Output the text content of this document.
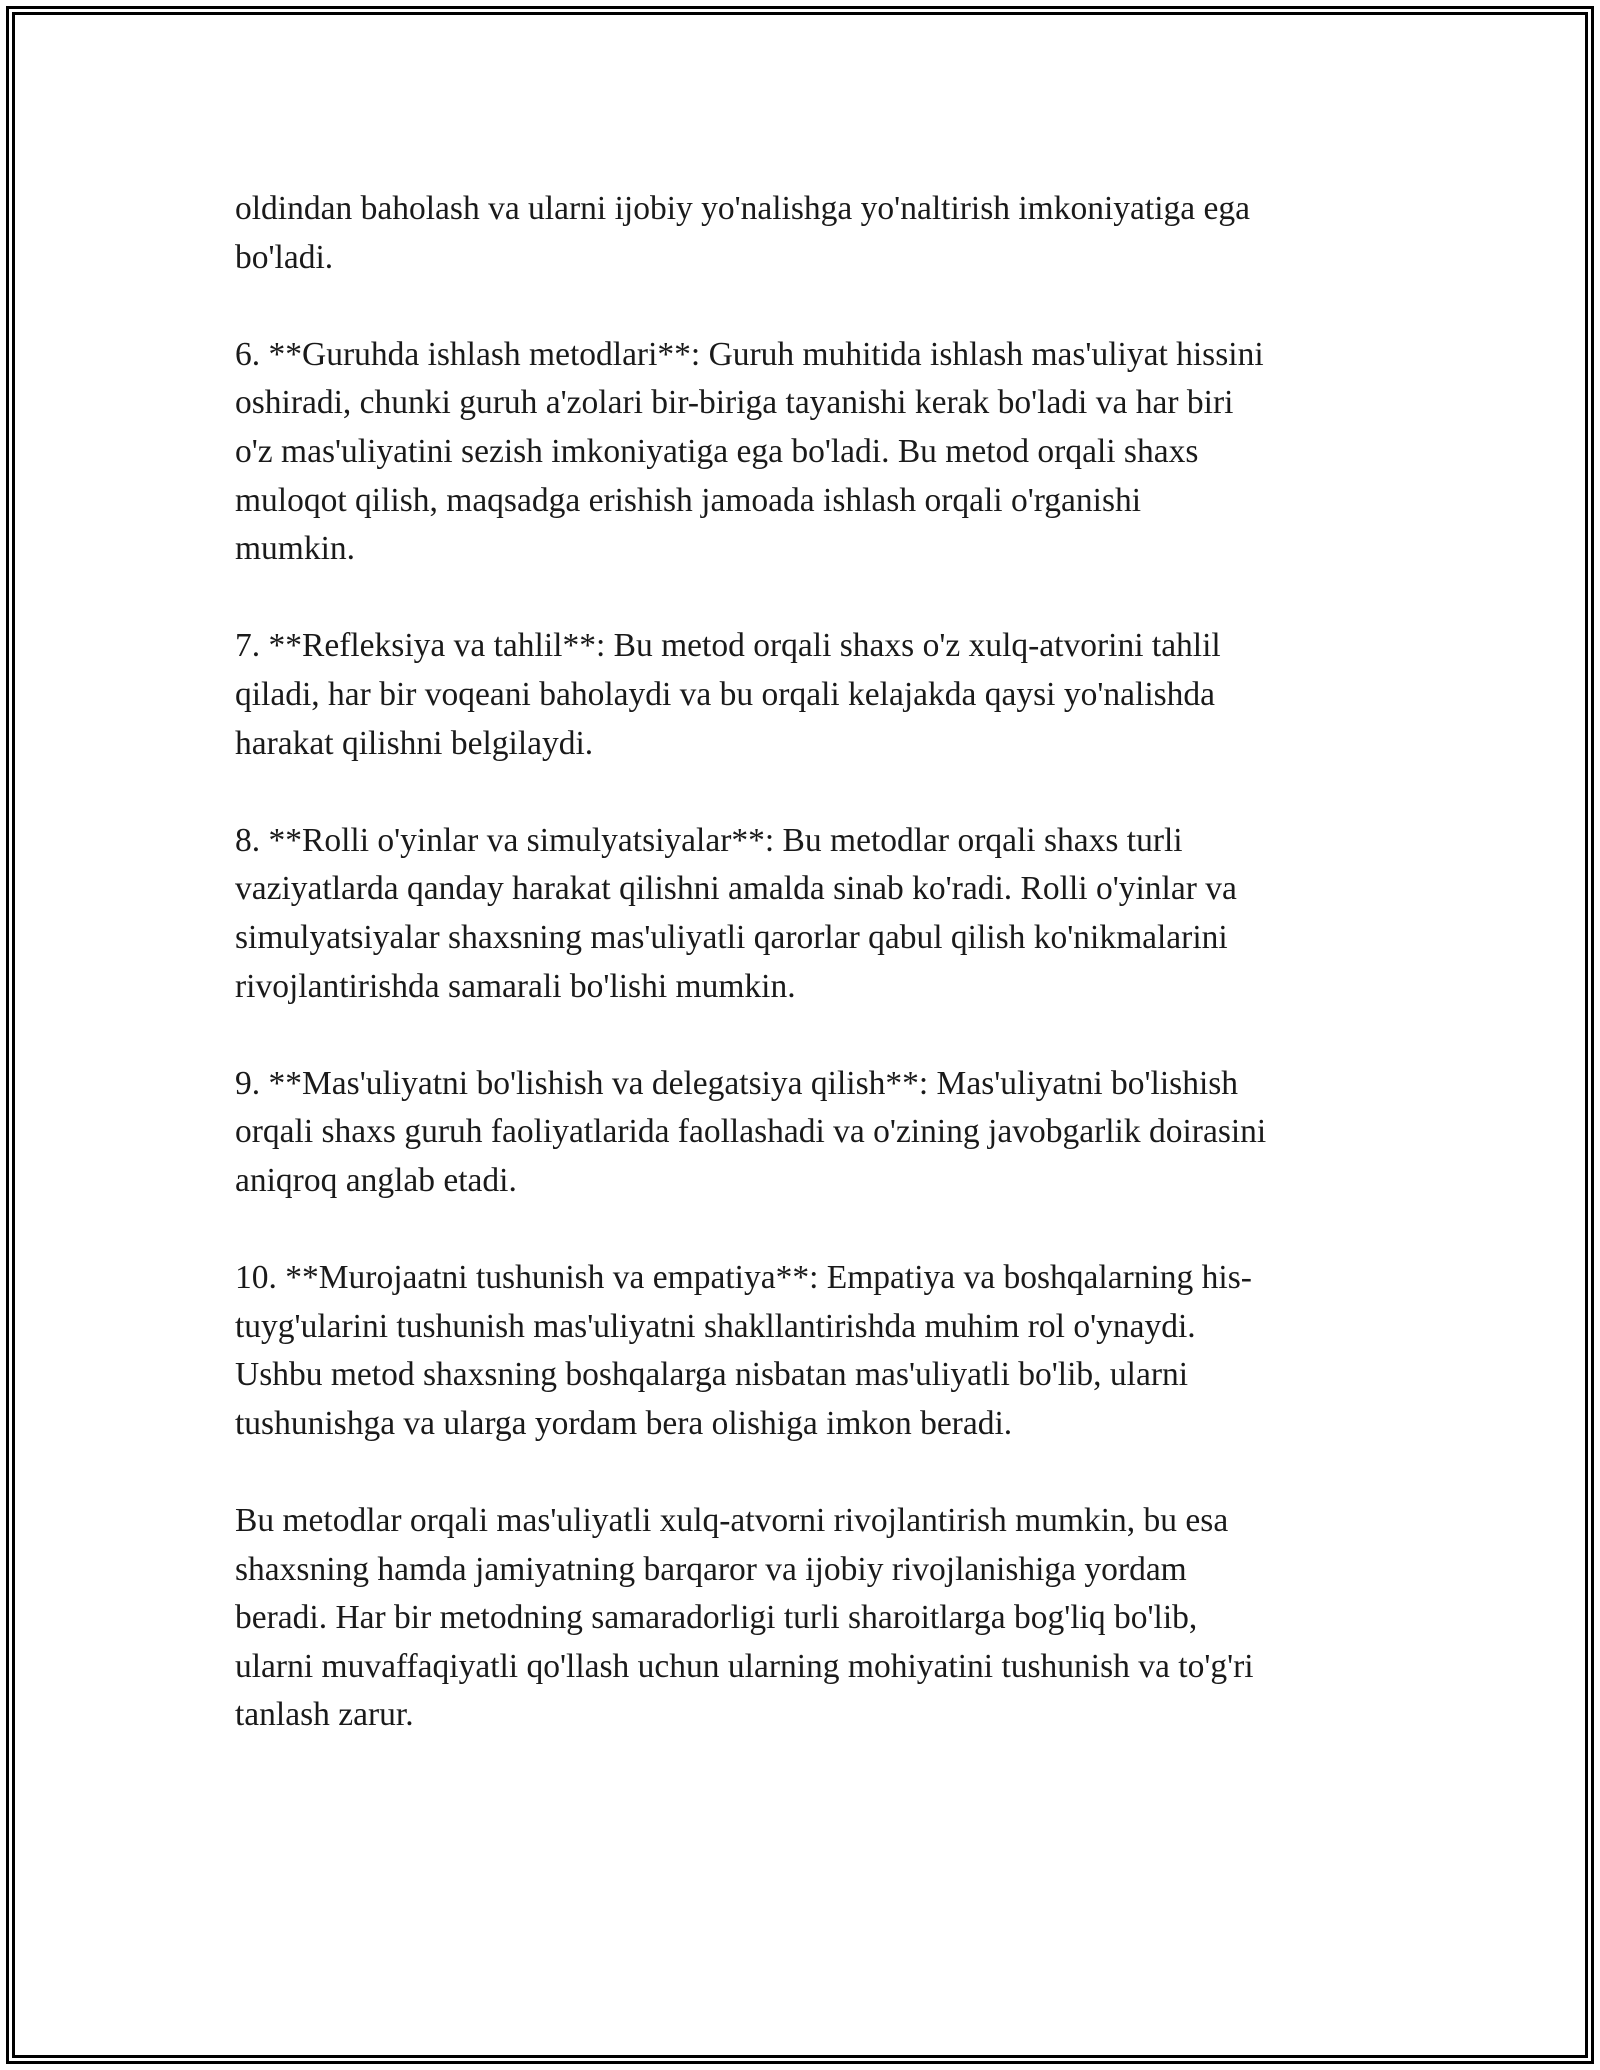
oldindan baholash va ularni ijobiy yo'nalishga yo'naltirish imkoniyatiga ega
bo'ladi.

6. **Guruhda ishlash metodlari**: Guruh muhitida ishlash mas'uliyat hissini
oshiradi, chunki guruh a'zolari bir-biriga tayanishi kerak bo'ladi va har biri
o'z mas'uliyatini sezish imkoniyatiga ega bo'ladi. Bu metod orqali shaxs
muloqot qilish, maqsadga erishish jamoada ishlash orqali o'rganishi
mumkin.

7. **Refleksiya va tahlil**: Bu metod orqali shaxs o'z xulq-atvorini tahlil
qiladi, har bir voqeani baholaydi va bu orqali kelajakda qaysi yo'nalishda
harakat qilishni belgilaydi.

8. **Rolli o'yinlar va simulyatsiyalar**: Bu metodlar orqali shaxs turli
vaziyatlarda qanday harakat qilishni amalda sinab ko'radi. Rolli o'yinlar va
simulyatsiyalar shaxsning mas'uliyatli qarorlar qabul qilish ko'nikmalarini
rivojlantirishda samarali bo'lishi mumkin.

9. **Mas'uliyatni bo'lishish va delegatsiya qilish**: Mas'uliyatni bo'lishish
orqali shaxs guruh faoliyatlarida faollashadi va o'zining javobgarlik doirasini
aniqroq anglab etadi.

10. **Murojaatni tushunish va empatiya**: Empatiya va boshqalarning his-
tuyg'ularini tushunish mas'uliyatni shakllantirishda muhim rol o'ynaydi.
Ushbu metod shaxsning boshqalarga nisbatan mas'uliyatli bo'lib, ularni
tushunishga va ularga yordam bera olishiga imkon beradi.

Bu metodlar orqali mas'uliyatli xulq-atvorni rivojlantirish mumkin, bu esa
shaxsning hamda jamiyatning barqaror va ijobiy rivojlanishiga yordam
beradi. Har bir metodning samaradorligi turli sharoitlarga bog'liq bo'lib,
ularni muvaffaqiyatli qo'llash uchun ularning mohiyatini tushunish va to'g'ri
tanlash zarur.
